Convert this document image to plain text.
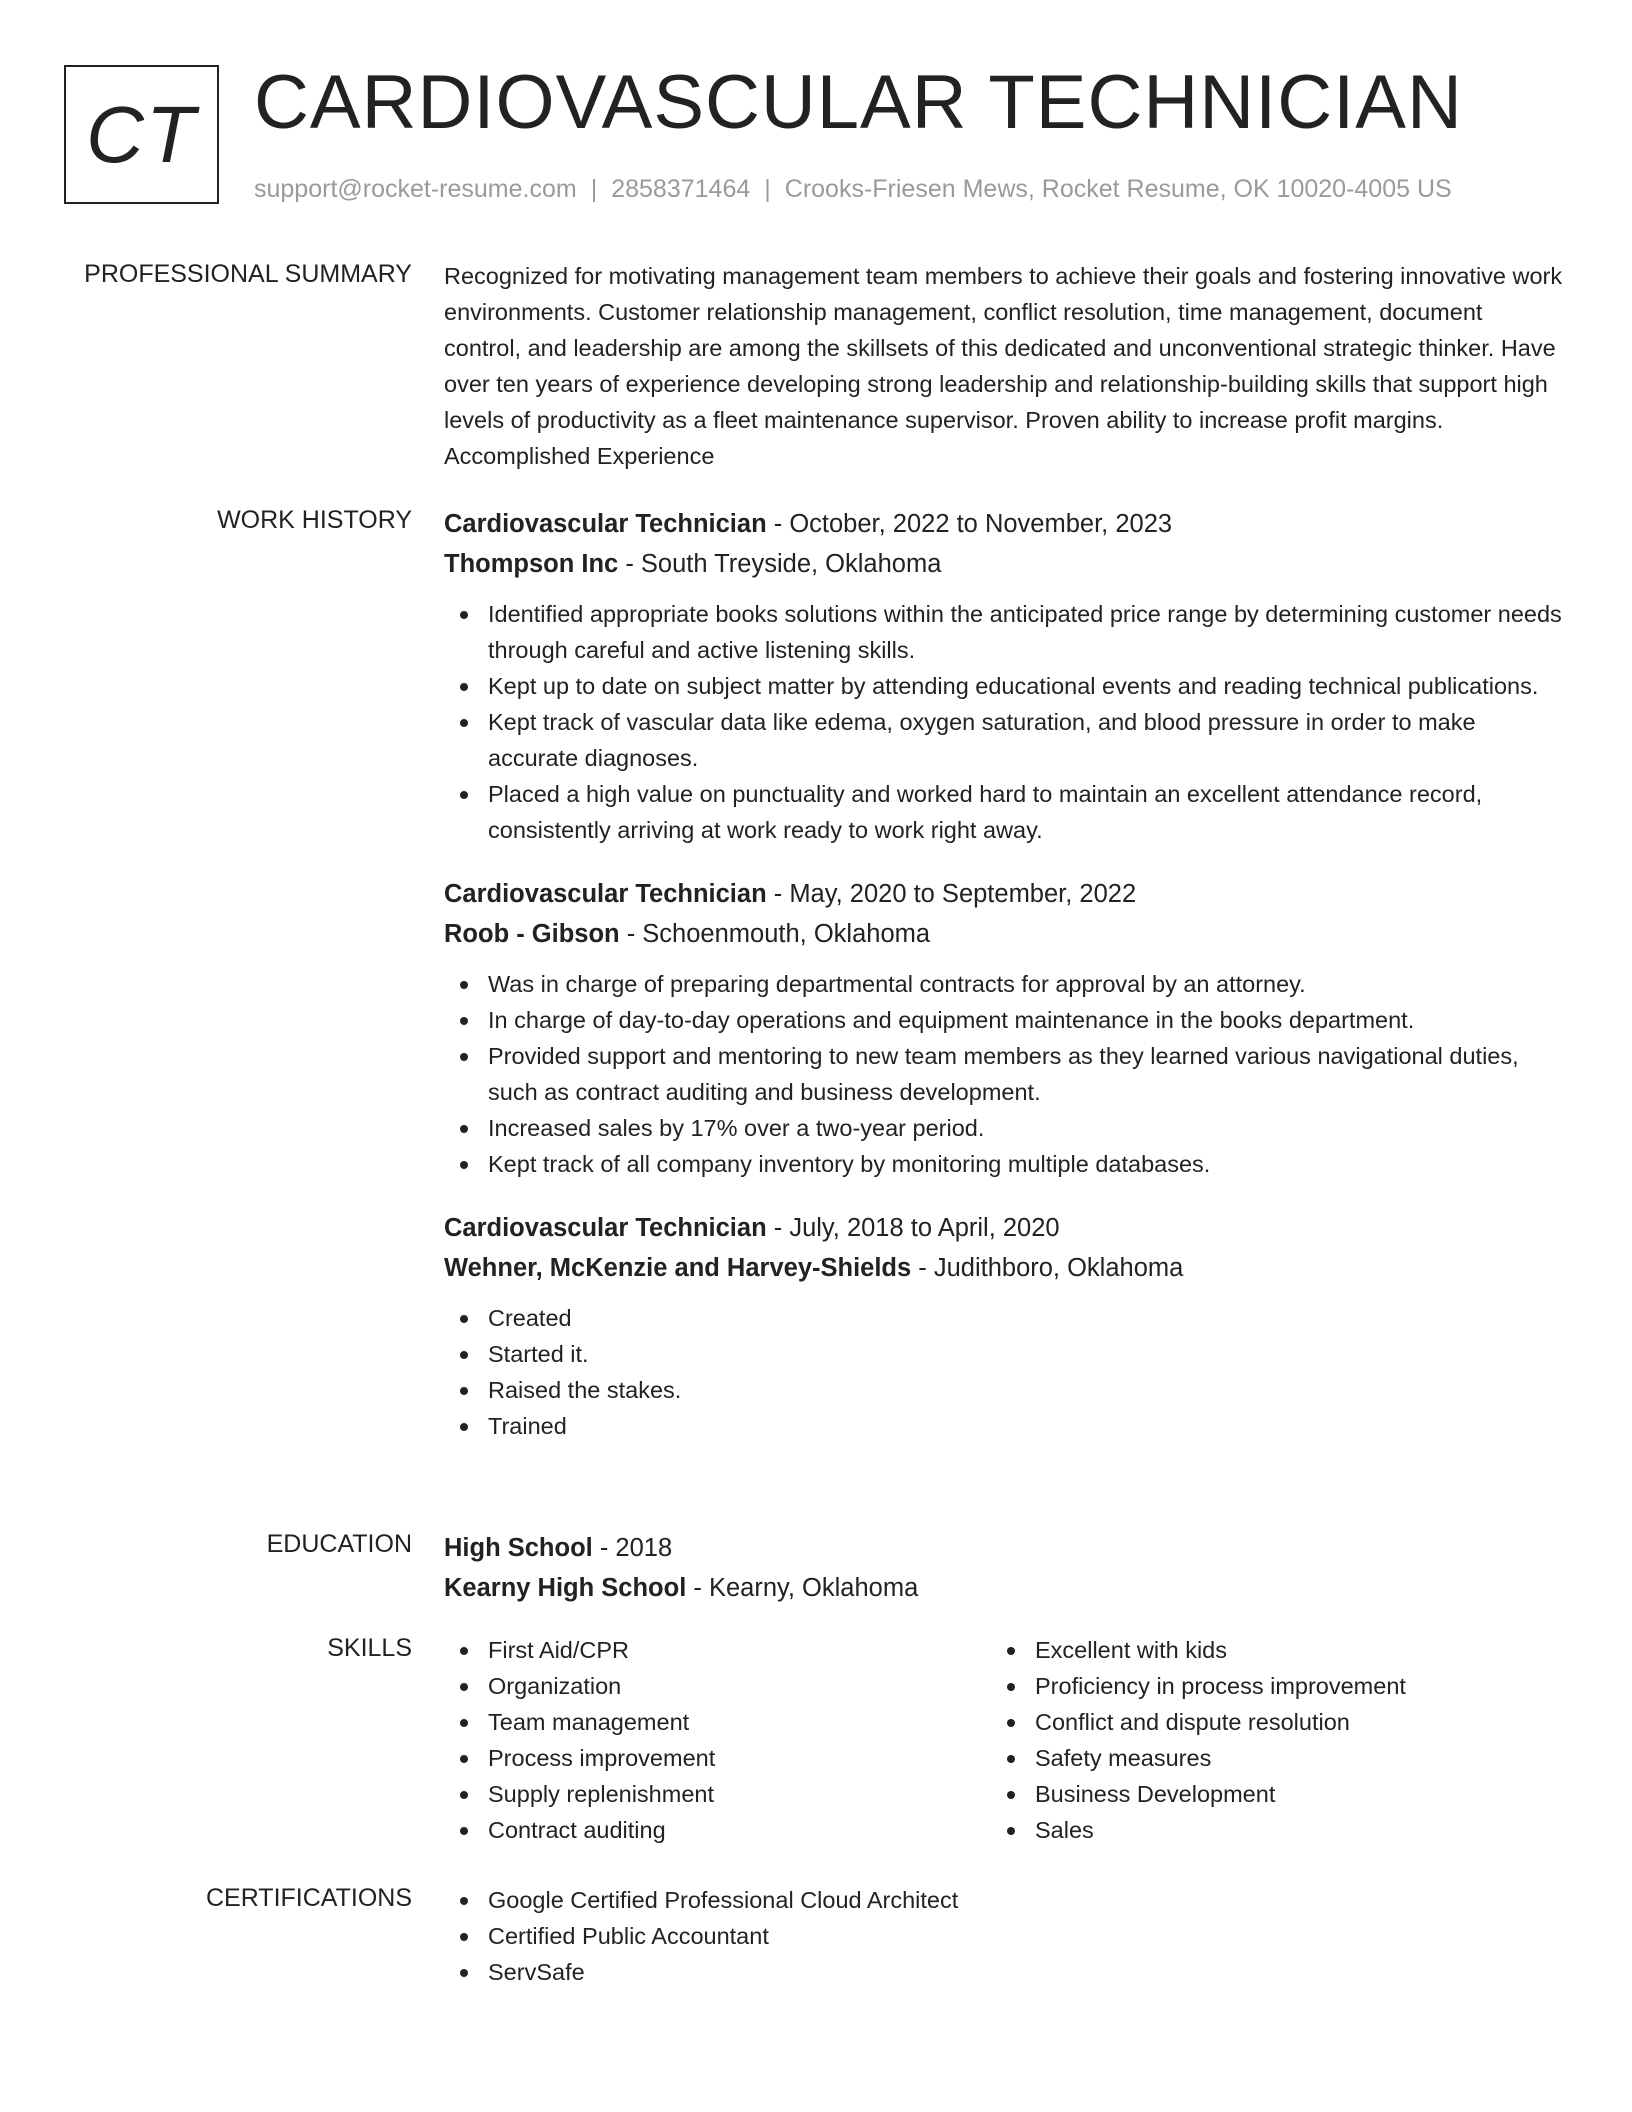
CT CARDIOVASCULAR TECHNICIAN
support@rocket-resume.com | 2858371464 | Crooks-Friesen Mews, Rocket Resume, OK 10020-4005 US
PROFESSIONAL SUMMARY Recognized for motivating management team members to achieve their goals and fostering innovative work environments. Customer relationship management, conflict resolution, time management, document control, and leadership are among the skillsets of this dedicated and unconventional strategic thinker. Have over ten years of experience developing strong leadership and relationship-building skills that support high levels of productivity as a fleet maintenance supervisor. Proven ability to increase profit margins. Accomplished Experience

WORK HISTORY Cardiovascular Technician - October, 2022 to November, 2023

Thompson Inc - South Treyside, Oklahoma

Identified appropriate books solutions within the anticipated price range by determining customer needs through careful and active listening skills.
Kept up to date on subject matter by attending educational events and reading technical publications.
Kept track of vascular data like edema, oxygen saturation, and blood pressure in order to make accurate diagnoses.
Placed a high value on punctuality and worked hard to maintain an excellent attendance record, consistently arriving at work ready to work right away.

Cardiovascular Technician - May, 2020 to September, 2022

Roob - Gibson - Schoenmouth, Oklahoma

Was in charge of preparing departmental contracts for approval by an attorney.
In charge of day-to-day operations and equipment maintenance in the books department.
Provided support and mentoring to new team members as they learned various navigational duties, such as contract auditing and business development.
Increased sales by 17% over a two-year period.
Kept track of all company inventory by monitoring multiple databases.

Cardiovascular Technician - July, 2018 to April, 2020

Wehner, McKenzie and Harvey-Shields - Judithboro, Oklahoma

Created
Started it.
Raised the stakes.
Trained
EDUCATION High School - 2018

Kearny High School - Kearny, Oklahoma

SKILLS	First Aid/CPR
Organization
Team management
Process improvement
Supply replenishment
Contract auditing
Excellent with kids
Proficiency in process improvement
Conflict and dispute resolution
Safety measures
Business Development
Sales
CERTIFICATIONS	Google Certified Professional Cloud Architect
Certified Public Accountant
ServSafe
